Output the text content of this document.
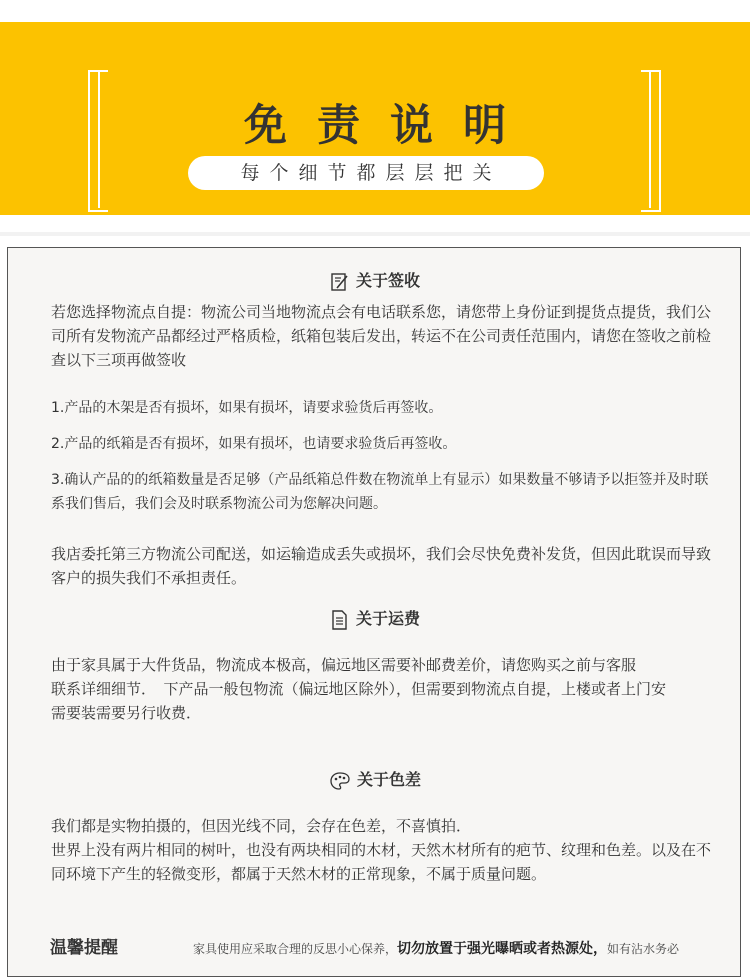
免责说明
每个细节都层层把关
关于签收

若您选择物流点自提：物流公司当地物流点会有电话联系您，请您带上身份证到提货点提货，我们公司所有发物流产品都经过严格质检，纸箱包装后发出，转运不在公司责任范围内，请您在签收之前检查以下三项再做签收

1.产品的木架是否有损坏，如果有损坏，请要求验货后再签收。

2.产品的纸箱是否有损坏，如果有损坏，也请要求验货后再签收。

3.确认产品的的纸箱数量是否足够（产品纸箱总件数在物流单上有显示）如果数量不够请予以拒签并及时联系我们售后，我们会及时联系物流公司为您解决问题。

我店委托第三方物流公司配送，如运输造成丢失或损坏，我们会尽快免费补发货，但因此耽误而导致客户的损失我们不承担责任。

关于运费

由于家具属于大件货品，物流成本极高，偏远地区需要补邮费差价，请您购买之前与客服

联系详细细节．　下产品一般包物流（偏远地区除外），但需要到物流点自提，上楼或者上门安

需要装需要另行收费．

关于色差

我们都是实物拍摄的，但因光线不同，会存在色差，不喜慎拍．

世界上没有两片相同的树叶，也没有两块相同的木材，天然木材所有的疤节、纹理和色差。以及在不同环境下产生的轻微变形，都属于天然木材的正常现象，不属于质量问题。

温馨提醒	家具使用应采取合理的反思小心保养，切勿放置于强光曝晒或者热源处，如有沾水务必
